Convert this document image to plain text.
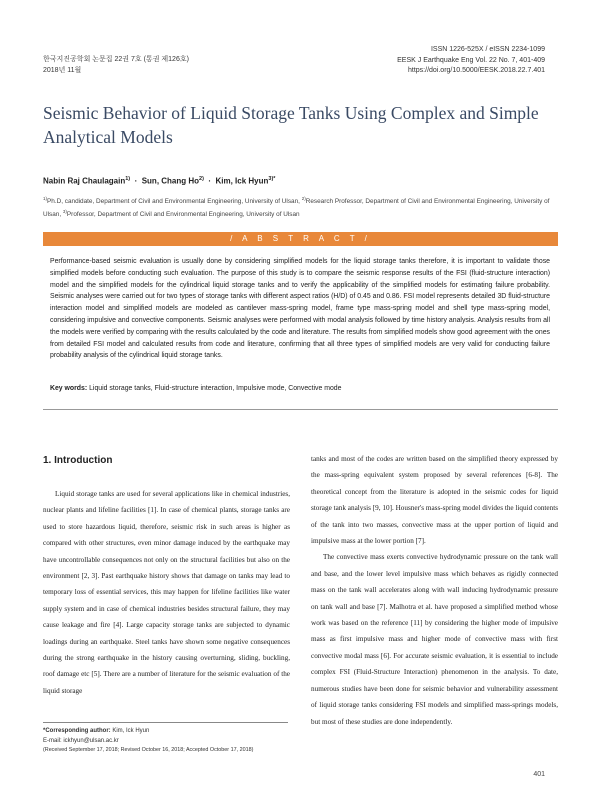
한국지진공학회 논문집 22권 7호 (통권 제126호)
2018년 11월
ISSN 1226-525X / eISSN 2234-1099
EESK J Earthquake Eng Vol. 22 No. 7, 401-409
https://doi.org/10.5000/EESK.2018.22.7.401
Seismic Behavior of Liquid Storage Tanks Using Complex and Simple Analytical Models
Nabin Raj Chaulagain$^{1)}$ · Sun, Chang $Ho^{2)}$ · Kim, Ick Hyun$^{3)*}$
$^{1)}$Ph.D, candidate, Department of Civil and Environmental Engineering, University of Ulsan, $^{2)}$Research Professor, Department of Civil and Environmental Engineering, University of Ulsan, $^{3)}$Professor, Department of Civil and Environmental Engineering, University of Ulsan
/ A B S T R A C T /
Performance-based seismic evaluation is usually done by considering simplified models for the liquid storage tanks therefore, it is important to validate those simplified models before conducting such evaluation. The purpose of this study is to compare the seismic response results of the FSI (fluid-structure interaction) model and the simplified models for the cylindrical liquid storage tanks and to verify the applicability of the simplified models for estimating failure probability. Seismic analyses were carried out for two types of storage tanks with different aspect ratios (H/D) of 0.45 and 0.86. FSI model represents detailed 3D fluid-structure interaction model and simplified models are modeled as cantilever mass-spring model, frame type mass-spring model and shell type mass-spring model, considering impulsive and convective components. Seismic analyses were performed with modal analysis followed by time history analysis. Analysis results from all the models were verified by comparing with the results calculated by the code and literature. The results from simplified models show good agreement with the ones from detailed FSI model and calculated results from code and literature, confirming that all three types of simplified models are very valid for conducting failure probability analysis of the cylindrical liquid storage tanks.
Key words: Liquid storage tanks, Fluid-structure interaction, Impulsive mode, Convective mode
1. Introduction

Liquid storage tanks are used for several applications like in chemical industries, nuclear plants and lifeline facilities [1]. In case of chemical plants, storage tanks are used to store hazardous liquid, therefore, seismic risk in such areas is higher as compared with other structures, even minor damage induced by the earthquake may have uncontrollable consequences not only on the structural facilities but also on the environment [2, 3]. Past earthquake history shows that damage on tanks may lead to temporary loss of essential services, this may happen for lifeline facilities like water supply system and in case of chemical industries besides structural failure, they may cause leakage and fire [4]. Large capacity storage tanks are subjected to dynamic loadings during an earthquake. Steel tanks have shown some negative consequences during the strong earthquake in the history causing overturning, sliding, buckling, roof damage etc [5]. There are a number of literature for the seismic evaluation of the liquid storage

tanks and most of the codes are written based on the simplified theory expressed by the mass-spring equivalent system proposed by several references [6-8]. The theoretical concept from the literature is adopted in the seismic codes for liquid storage tank analysis [9, 10]. Housner's mass-spring model divides the liquid contents of the tank into two masses, convective mass at the upper portion of liquid and impulsive mass at the lower portion [7].

The convective mass exerts convective hydrodynamic pressure on the tank wall and base, and the lower level impulsive mass which behaves as rigidly connected mass on the tank wall accelerates along with wall inducing hydrodynamic pressure on tank wall and base [7]. Malhotra et al. have proposed a simplified method whose work was based on the reference [11] by considering the higher mode of impulsive mass as first impulsive mass and higher mode of convective mass with first convective modal mass [6]. For accurate seismic evaluation, it is essential to include complex FSI (Fluid-Structure Interaction) phenomenon in the analysis. To date, numerous studies have been done for seismic behavior and vulnerability assessment of liquid storage tanks considering FSI models and simplified mass-springs models, but most of these studies are done independently.

*Corresponding author: Kim, Ick Hyun
E-mail: ickhyun@ulsan.ac.kr
(Received September 17, 2018; Revised October 16, 2018; Accepted October 17, 2018)
401
